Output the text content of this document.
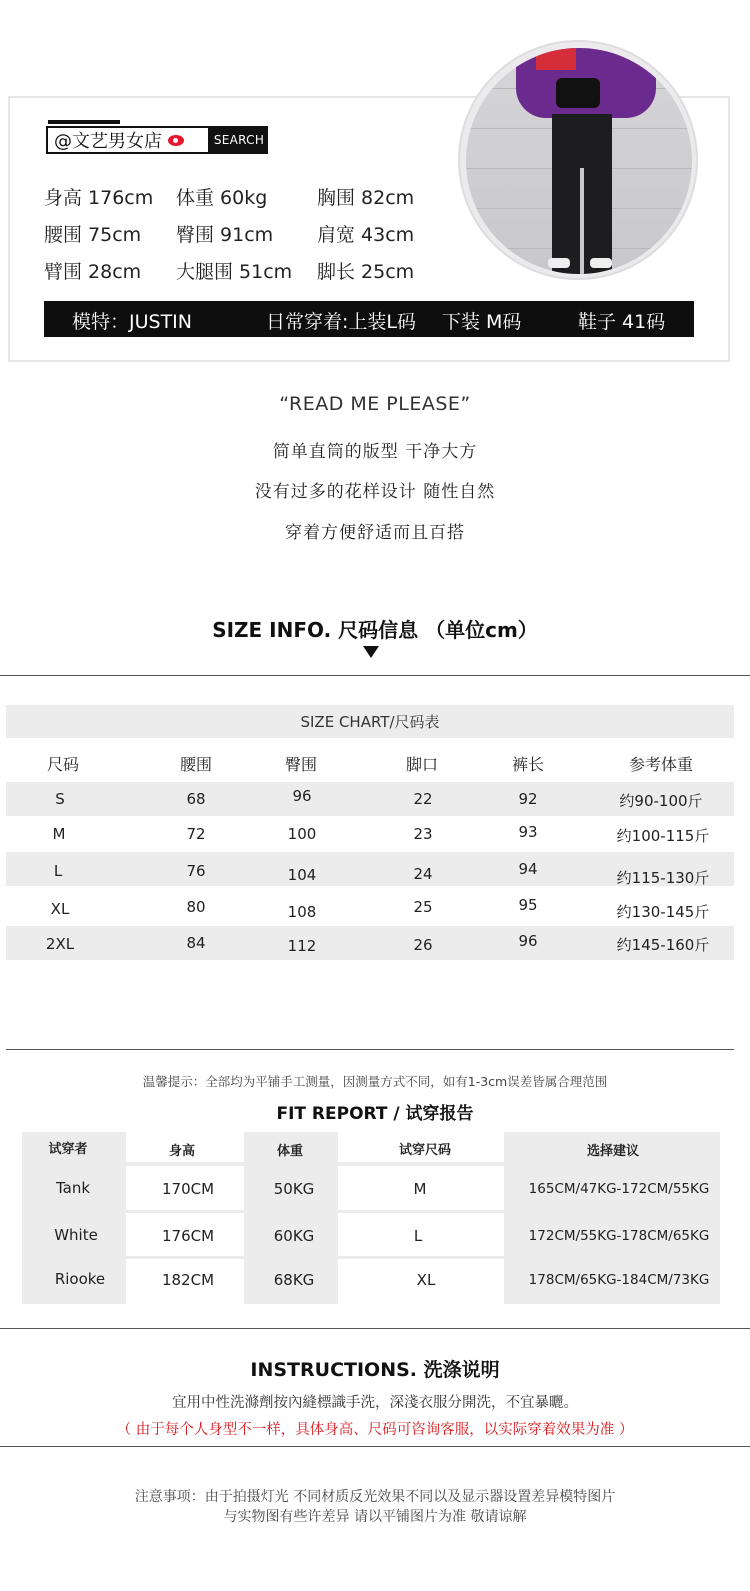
@文艺男女店	SEARCH
身高 176cm 体重 60kg	胸围 82cm
腰围 75cm 臀围 91cm 肩宽 43cm
臂围 28cm 大腿围 51cm 脚长 25cm
模特：JUSTIN	日常穿着:上装L码 下装 M码	鞋子 41码
“READ ME PLEASE”
简单直筒的版型 干净大方
没有过多的花样设计 随性自然
穿着方便舒适而且百搭
SIZE INFO. 尺码信息 （单位cm）
SIZE CHART/尺码表
尺码	腰围	臀围	脚口	裤长	参考体重
S	68	96	22	92	约90-100斤
M	72	100	23	93	约100-115斤
L	76	104	24	94	约115-130斤
XL	80	108	25	95	约130-145斤
2XL	84	112	26	96	约145-160斤
温馨提示：全部均为平铺手工测量，因测量方式不同，如有1-3cm误差皆属合理范围
FIT REPORT / 试穿报告
试穿者	身高	体重	试穿尺码	选择建议
Tank	170CM	50KG	M	165CM/47KG-172CM/55KG
White	176CM	60KG	L	172CM/55KG-178CM/65KG
Riooke	182CM	68KG	XL	178CM/65KG-184CM/73KG
INSTRUCTIONS. 洗涤说明
宜用中性洗滌劑按內縫標識手洗，深淺衣服分開洗，不宜暴曬。
（ 由于每个人身型不一样，具体身高、尺码可咨询客服，以实际穿着效果为准 ）
注意事项：由于拍摄灯光 不同材质反光效果不同以及显示器设置差异模特图片
与实物图有些许差异 请以平铺图片为准 敬请谅解
